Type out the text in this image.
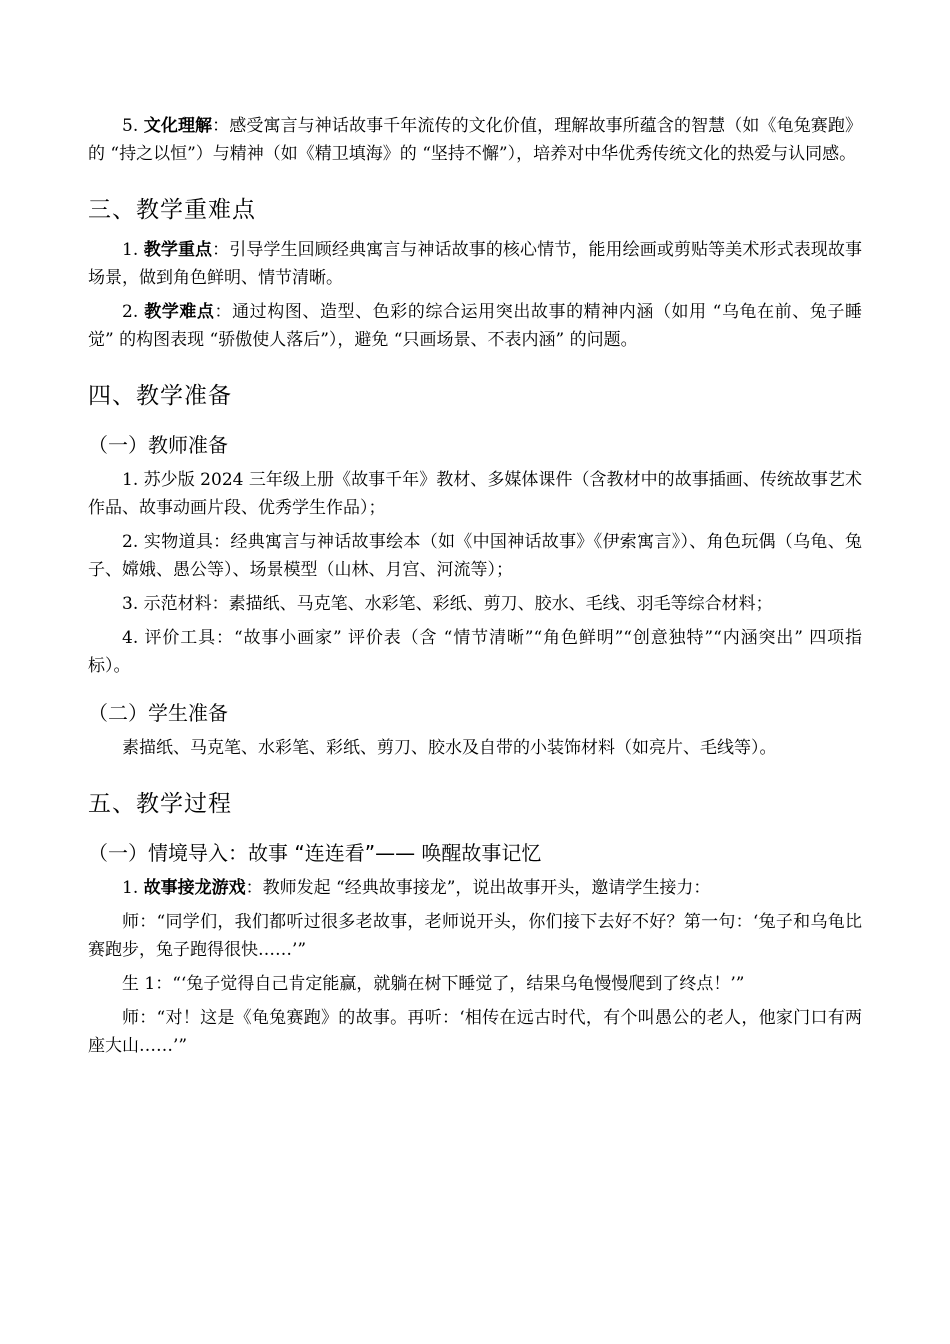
5. 文化理解：感受寓言与神话故事千年流传的文化价值，理解故事所蕴含的智慧（如《龟兔赛跑》的 “持之以恒”）与精神（如《精卫填海》的 “坚持不懈”），培养对中华优秀传统文化的热爱与认同感。

三、教学重难点

1. 教学重点：引导学生回顾经典寓言与神话故事的核心情节，能用绘画或剪贴等美术形式表现故事场景，做到角色鲜明、情节清晰。

2. 教学难点：通过构图、造型、色彩的综合运用突出故事的精神内涵（如用 “乌龟在前、兔子睡觉” 的构图表现 “骄傲使人落后”），避免 “只画场景、不表内涵” 的问题。

四、教学准备
（一）教师准备

1. 苏少版 2024 三年级上册《故事千年》教材、多媒体课件（含教材中的故事插画、传统故事艺术作品、故事动画片段、优秀学生作品）；

2. 实物道具：经典寓言与神话故事绘本（如《中国神话故事》《伊索寓言》）、角色玩偶（乌龟、兔子、嫦娥、愚公等）、场景模型（山林、月宫、河流等）；

3. 示范材料：素描纸、马克笔、水彩笔、彩纸、剪刀、胶水、毛线、羽毛等综合材料；

4. 评价工具：“故事小画家” 评价表（含 “情节清晰”“角色鲜明”“创意独特”“内涵突出” 四项指标）。

（二）学生准备

素描纸、马克笔、水彩笔、彩纸、剪刀、胶水及自带的小装饰材料（如亮片、毛线等）。

五、教学过程
（一）情境导入：故事 “连连看”—— 唤醒故事记忆

1. 故事接龙游戏：教师发起 “经典故事接龙”，说出故事开头，邀请学生接力：

师：“同学们，我们都听过很多老故事，老师说开头，你们接下去好不好？第一句：‘兔子和乌龟比赛跑步，兔子跑得很快……’”

生 1：“‘兔子觉得自己肯定能赢，就躺在树下睡觉了，结果乌龟慢慢爬到了终点！’”

师：“对！这是《龟兔赛跑》的故事。再听：‘相传在远古时代，有个叫愚公的老人，他家门口有两座大山……’”
